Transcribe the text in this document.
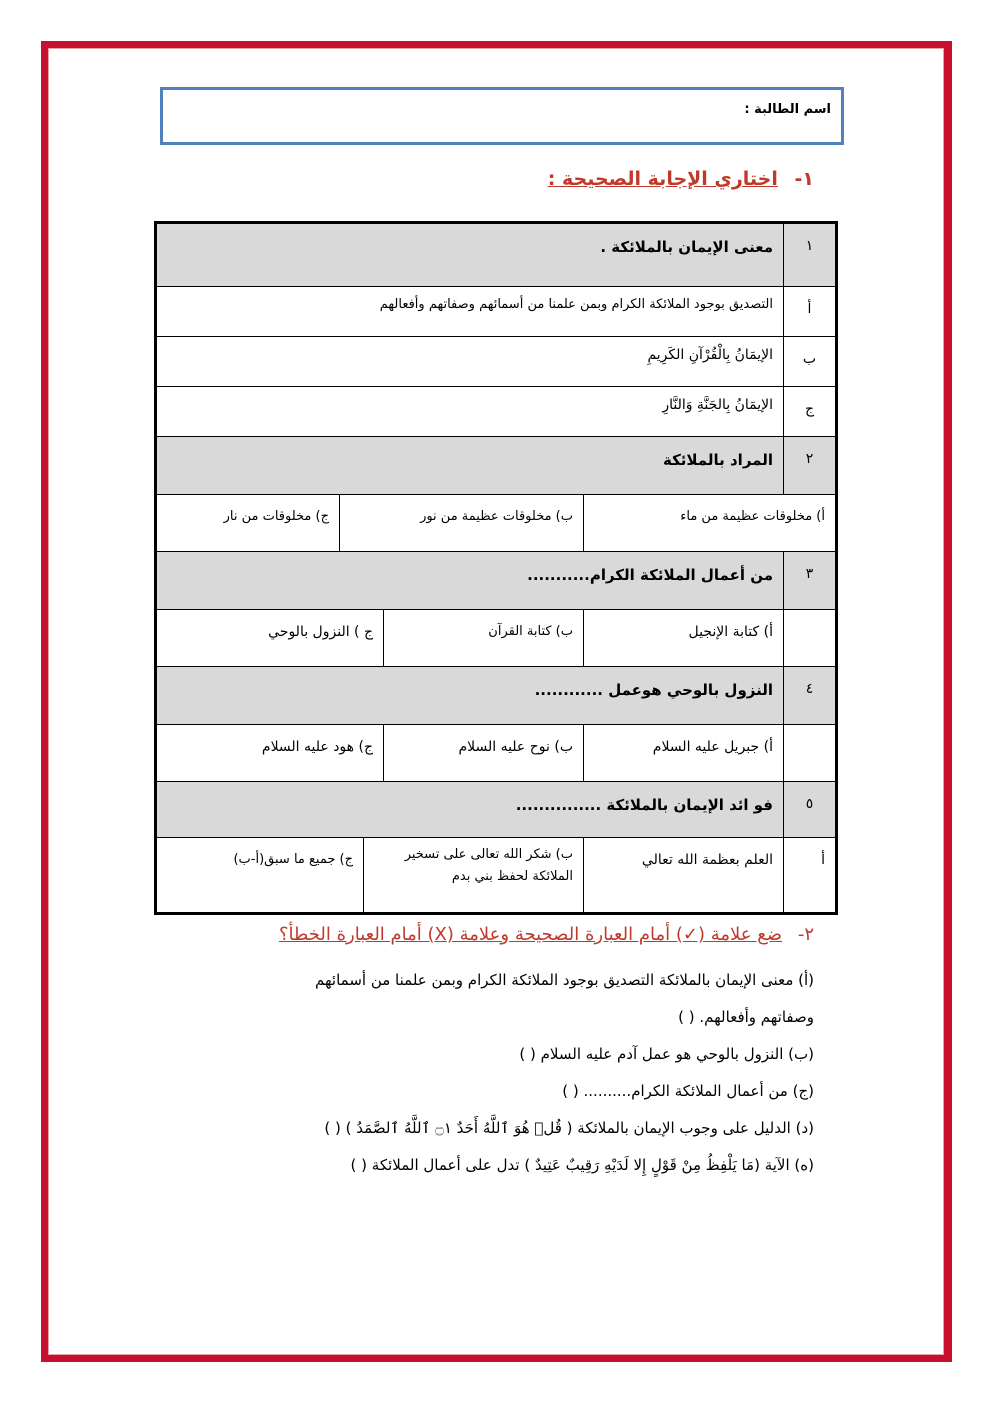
اسم الطالبة :
١- اختاري الإجابة الصحيحة :
١
معنى الإيمان بالملائكة .
أ
التصديق بوجود الملائكة الكرام وبمن علمنا من أسمائهم وصفاتهم وأفعالهم
ب
الإيمَانُ بِالْقُرْآنِ الكَرِيمِ
ج
الإيمَانُ بِالجَنَّةِ وَالنَّارِ
٢
المراد بالملائكة
أ) مخلوقات عظيمة من ماء
ب) مخلوقات عظيمة من نور
ج) مخلوقات من نار
٣
من أعمال الملائكة الكرام...........
أ) كتابة الإنجيل
ب) كتابة القرآن
ج ) النزول بالوحي
٤
النزول بالوحي هوعمل ............
أ) جبريل عليه السلام
ب) نوح عليه السلام
ج) هود عليه السلام
٥
فو ائد الإيمان بالملائكة ...............
أ
العلم بعظمة الله تعالي
ب) شكر الله تعالى على تسخير الملائكة لحفظ بني بدم
ج) جميع ما سبق(أ-ب)
٢- ضع علامة (✓) أمام العبارة الصحيحة وعلامة (X) أمام العبارة الخطأ؟

(أ) معنى الإيمان بالملائكة التصديق بوجود الملائكة الكرام وبمن علمنا من أسمائهم

وصفاتهم وأفعالهم. ( )

(ب) النزول بالوحي هو عمل آدم عليه السلام ( )

(ج) من أعمال الملائكة الكرام.......... ( )

(د) الدليل على وجوب الإيمان بالملائكة ( قُلۡ هُوَ ٱللَّهُ أَحَدٌ ۝١ ٱللَّهُ ٱلصَّمَدُ ) ( )

(ه) الآية (مَا يَلْفِظُ مِنْ قَوْلٍ إِلا لَدَيْهِ رَقِيبٌ عَتِيدٌ ) تدل على أعمال الملائكة ( )
